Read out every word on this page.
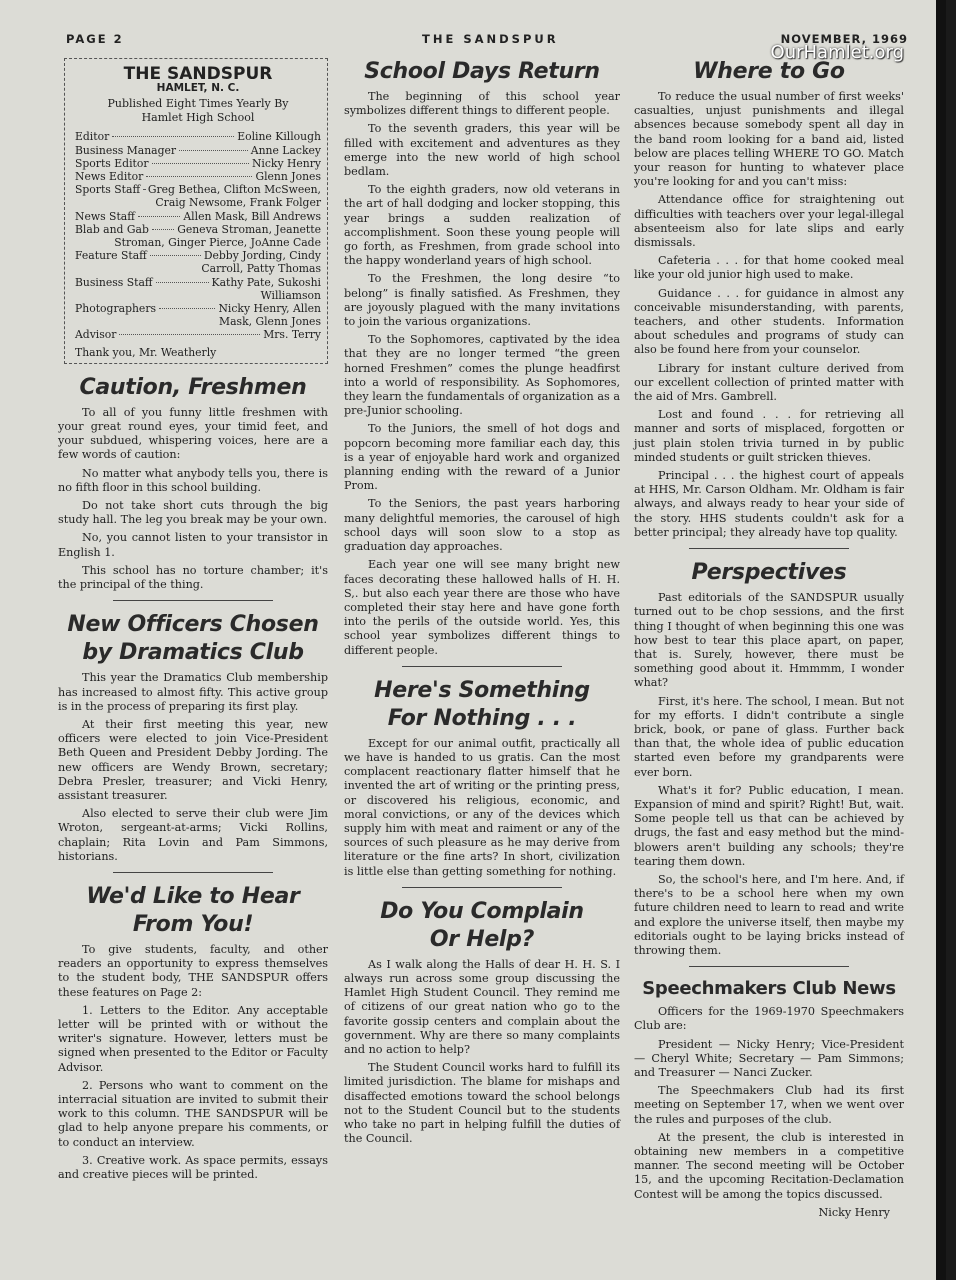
PAGE 2	THE SANDSPUR	NOVEMBER, 1969
OurHamlet.org
THE SANDSPUR
HAMLET, N. C.
Published Eight Times Yearly By
Hamlet High School
Editor	Eoline Killough
Business Manager	Anne Lackey
Sports Editor	Nicky Henry
News Editor	Glenn Jones
Sports Staff Greg Bethea, Clifton McSween,
Craig Newsome, Frank Folger
News Staff	Allen Mask, Bill Andrews
Blab and Gab	Geneva Stroman, Jeanette
Stroman, Ginger Pierce, JoAnne Cade
Feature Staff	Debby Jording, Cindy
Carroll, Patty Thomas
Business Staff	Kathy Pate, Sukoshi
Williamson
Photographers	Nicky Henry, Allen
Mask, Glenn Jones
Advisor	Mrs. Terry
Thank you, Mr. Weatherly
Caution, Freshmen

To all of you funny little freshmen with your great round eyes, your timid feet, and your subdued, whispering voices, here are a few words of caution:

No matter what anybody tells you, there is no fifth floor in this school building.

Do not take short cuts through the big study hall. The leg you break may be your own.

No, you cannot listen to your transistor in English 1.

This school has no torture chamber; it's the principal of the thing.

New Officers Chosen
by Dramatics Club

This year the Dramatics Club membership has increased to almost fifty. This active group is in the process of preparing its first play.

At their first meeting this year, new officers were elected to join Vice-President Beth Queen and President Debby Jording. The new officers are Wendy Brown, secretary; Debra Presler, treasurer; and Vicki Henry, assistant treasurer.

Also elected to serve their club were Jim Wroton, sergeant-at-arms; Vicki Rollins, chaplain; Rita Lovin and Pam Simmons, historians.

We'd Like to Hear
From You!

To give students, faculty, and other readers an opportunity to express themselves to the student body, THE SANDSPUR offers these features on Page 2:

1. Letters to the Editor. Any acceptable letter will be printed with or without the writer's signature. However, letters must be signed when presented to the Editor or Faculty Advisor.

2. Persons who want to comment on the interracial situation are invited to submit their work to this column. THE SANDSPUR will be glad to help anyone prepare his comments, or to conduct an interview.

3. Creative work. As space permits, essays and creative pieces will be printed.

School Days Return

The beginning of this school year symbolizes different things to different people.

To the seventh graders, this year will be filled with excitement and adventures as they emerge into the new world of high school bedlam.

To the eighth graders, now old veterans in the art of hall dodging and locker stopping, this year brings a sudden realization of accomplishment. Soon these young people will go forth, as Freshmen, from grade school into the happy wonderland years of high school.

To the Freshmen, the long desire “to belong” is finally satisfied. As Freshmen, they are joyously plagued with the many invitations to join the various organizations.

To the Sophomores, captivated by the idea that they are no longer termed “the green horned Freshmen” comes the plunge headfirst into a world of responsibility. As Sophomores, they learn the fundamentals of organization as a pre-Junior schooling.

To the Juniors, the smell of hot dogs and popcorn becoming more familiar each day, this is a year of enjoyable hard work and organized planning ending with the reward of a Junior Prom.

To the Seniors, the past years harboring many delightful memories, the carousel of high school days will soon slow to a stop as graduation day approaches.

Each year one will see many bright new faces decorating these hallowed halls of H. H. S,. but also each year there are those who have completed their stay here and have gone forth into the perils of the outside world. Yes, this school year symbolizes different things to different people.

Here's Something
For Nothing . . .

Except for our animal outfit, practically all we have is handed to us gratis. Can the most complacent reactionary flatter himself that he invented the art of writing or the printing press, or discovered his religious, economic, and moral convictions, or any of the devices which supply him with meat and raiment or any of the sources of such pleasure as he may derive from literature or the fine arts? In short, civilization is little else than getting something for nothing.

Do You Complain
Or Help?

As I walk along the Halls of dear H. H. S. I always run across some group discussing the Hamlet High Student Council. They remind me of citizens of our great nation who go to the favorite gossip centers and complain about the government. Why are there so many complaints and no action to help?

The Student Council works hard to fulfill its limited jurisdiction. The blame for mishaps and disaffected emotions toward the school belongs not to the Student Council but to the students who take no part in helping fulfill the duties of the Council.

Where to Go

To reduce the usual number of first weeks' casualties, unjust punishments and illegal absences because somebody spent all day in the band room looking for a band aid, listed below are places telling WHERE TO GO. Match your reason for hunting to whatever place you're looking for and you can't miss:

Attendance office for straightening out difficulties with teachers over your legal-illegal absenteeism also for late slips and early dismissals.

Cafeteria . . . for that home cooked meal like your old junior high used to make.

Guidance . . . for guidance in almost any conceivable misunderstanding, with parents, teachers, and other students. Information about schedules and programs of study can also be found here from your counselor.

Library for instant culture derived from our excellent collection of printed matter with the aid of Mrs. Gambrell.

Lost and found . . . for retrieving all manner and sorts of misplaced, forgotten or just plain stolen trivia turned in by public minded students or guilt stricken thieves.

Principal . . . the highest court of appeals at HHS, Mr. Carson Oldham. Mr. Oldham is fair always, and always ready to hear your side of the story. HHS students couldn't ask for a better principal; they already have top quality.

Perspectives

Past editorials of the SANDSPUR usually turned out to be chop sessions, and the first thing I thought of when beginning this one was how best to tear this place apart, on paper, that is. Surely, however, there must be something good about it. Hmmmm, I wonder what?

First, it's here. The school, I mean. But not for my efforts. I didn't contribute a single brick, book, or pane of glass. Further back than that, the whole idea of public education started even before my grandparents were ever born.

What's it for? Public education, I mean. Expansion of mind and spirit? Right! But, wait. Some people tell us that can be achieved by drugs, the fast and easy method but the mind-blowers aren't building any schools; they're tearing them down.

So, the school's here, and I'm here. And, if there's to be a school here when my own future children need to learn to read and write and explore the universe itself, then maybe my editorials ought to be laying bricks instead of throwing them.

Speechmakers Club News

Officers for the 1969-1970 Speechmakers Club are:

President — Nicky Henry; Vice-President — Cheryl White; Secretary — Pam Simmons; and Treasurer — Nanci Zucker.

The Speechmakers Club had its first meeting on September 17, when we went over the rules and purposes of the club.

At the present, the club is interested in obtaining new members in a competitive manner. The second meeting will be October 15, and the upcoming Recitation-Declamation Contest will be among the topics discussed.

Nicky Henry
